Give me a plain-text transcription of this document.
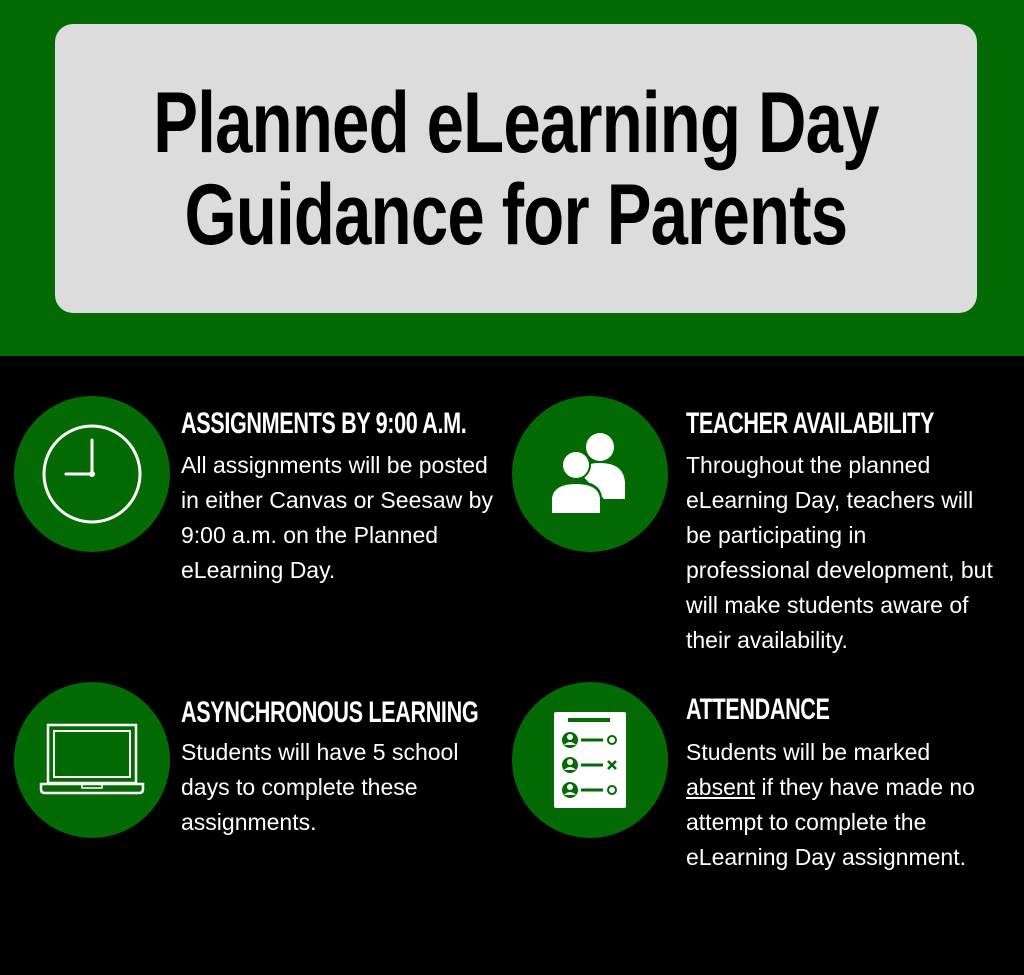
Planned eLearning Day
Guidance for Parents
ASSIGNMENTS BY 9:00 A.M.
All assignments will be posted in either Canvas or Seesaw by 9:00 a.m. on the Planned eLearning Day.
TEACHER AVAILABILITY
Throughout the planned eLearning Day, teachers will be participating in professional development, but will make students aware of their availability.
ASYNCHRONOUS LEARNING
Students will have 5 school days to complete these assignments.
ATTENDANCE
Students will be marked absent if they have made no attempt to complete the eLearning Day assignment.
